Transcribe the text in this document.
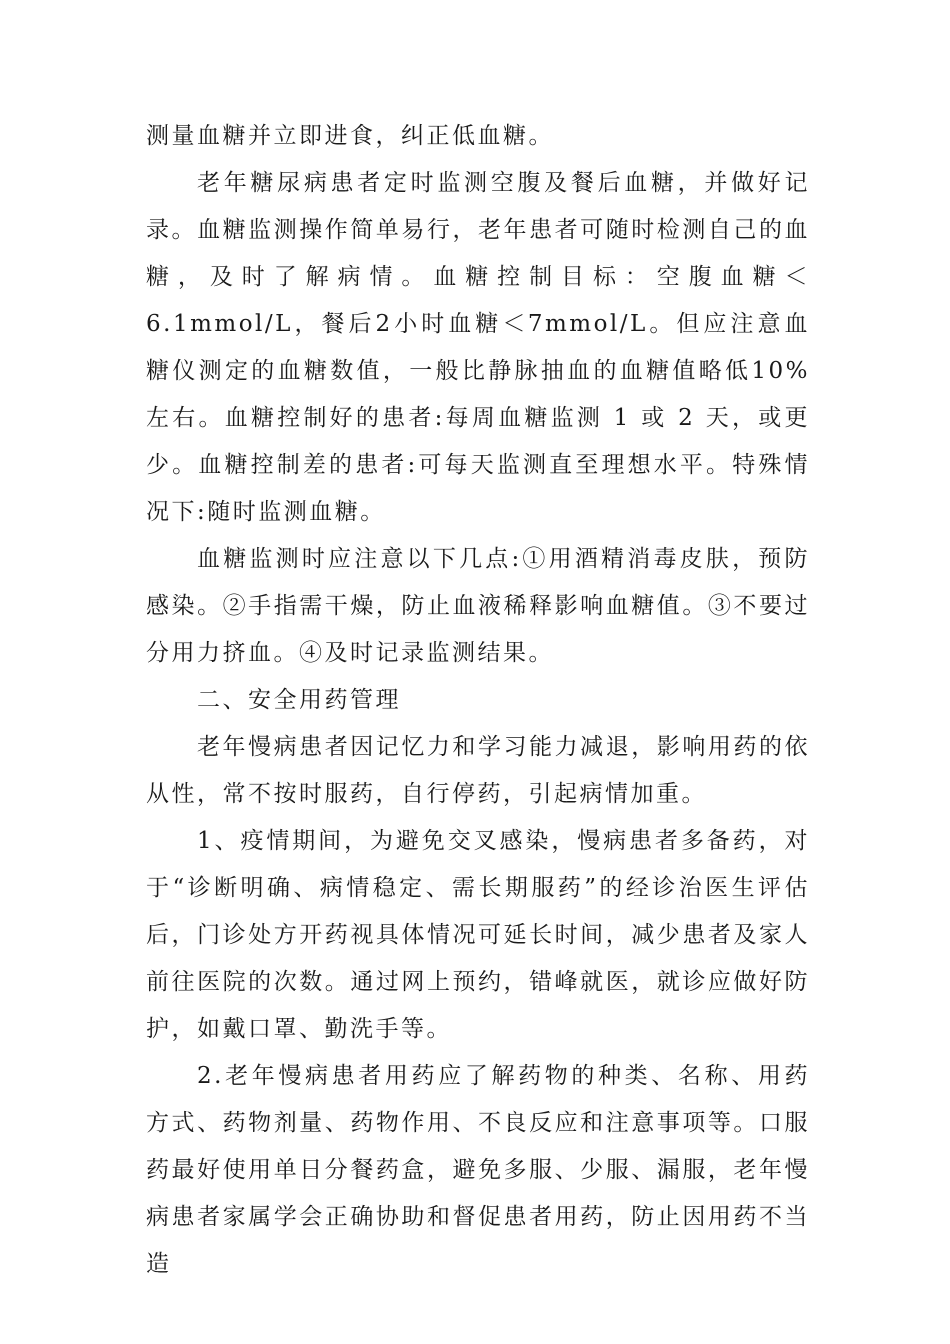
测量血糖并立即进食，纠正低血糖。

老年糖尿病患者定时监测空腹及餐后血糖，并做好记录。血糖监测操作简单易行，老年患者可随时检测自己的血糖，及时了解病情。血糖控制目标：空腹血糖＜6.1mmol/L，餐后2小时血糖＜7mmol/L。但应注意血糖仪测定的血糖数值，一般比静脉抽血的血糖值略低10%左右。血糖控制好的患者:每周血糖监测 1 或 2 天，或更少。血糖控制差的患者:可每天监测直至理想水平。特殊情况下:随时监测血糖。

血糖监测时应注意以下几点:①用酒精消毒皮肤，预防感染。②手指需干燥，防止血液稀释影响血糖值。③不要过分用力挤血。④及时记录监测结果。

二、安全用药管理

老年慢病患者因记忆力和学习能力减退，影响用药的依从性，常不按时服药，自行停药，引起病情加重。

1、疫情期间，为避免交叉感染，慢病患者多备药，对于“诊断明确、病情稳定、需长期服药”的经诊治医生评估后，门诊处方开药视具体情况可延长时间，减少患者及家人前往医院的次数。通过网上预约，错峰就医，就诊应做好防护，如戴口罩、勤洗手等。

2.老年慢病患者用药应了解药物的种类、名称、用药方式、药物剂量、药物作用、不良反应和注意事项等。口服药最好使用单日分餐药盒，避免多服、少服、漏服，老年慢病患者家属学会正确协助和督促患者用药，防止因用药不当造
